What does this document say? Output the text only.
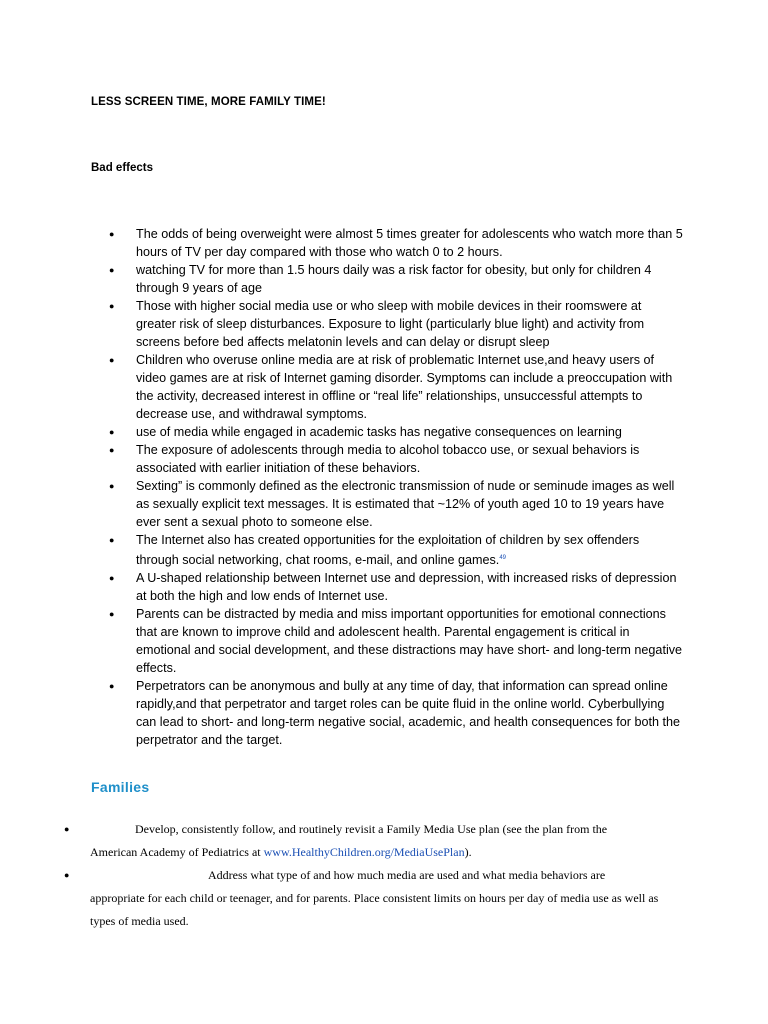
LESS SCREEN TIME, MORE FAMILY TIME!
Bad effects
● The odds of being overweight were almost 5 times greater for adolescents who watch more than 5 hours of TV per day compared with those who watch 0 to 2 hours.
● watching TV for more than 1.5 hours daily was a risk factor for obesity, but only for children 4 through 9 years of age
● Those with higher social media use or who sleep with mobile devices in their roomswere at greater risk of sleep disturbances. Exposure to light (particularly blue light) and activity from screens before bed affects melatonin levels and can delay or disrupt sleep
● Children who overuse online media are at risk of problematic Internet use,and heavy users of video games are at risk of Internet gaming disorder. Symptoms can include a preoccupation with the activity, decreased interest in offline or “real life” relationships, unsuccessful attempts to decrease use, and withdrawal symptoms.
● use of media while engaged in academic tasks has negative consequences on learning
● The exposure of adolescents through media to alcohol tobacco use, or sexual behaviors is associated with earlier initiation of these behaviors.
● Sexting” is commonly defined as the electronic transmission of nude or seminude images as well as sexually explicit text messages. It is estimated that ~12% of youth aged 10 to 19 years have ever sent a sexual photo to someone else.
● The Internet also has created opportunities for the exploitation of children by sex offenders through social networking, chat rooms, e-mail, and online games.$^{49}$
● A U-shaped relationship between Internet use and depression, with increased risks of depression at both the high and low ends of Internet use.
● Parents can be distracted by media and miss important opportunities for emotional connections that are known to improve child and adolescent health. Parental engagement is critical in emotional and social development, and these distractions may have short- and long-term negative effects.
● Perpetrators can be anonymous and bully at any time of day, that information can spread online rapidly,and that perpetrator and target roles can be quite fluid in the online world. Cyberbullying can lead to short- and long-term negative social, academic, and health consequences for both the perpetrator and the target.
Families
●	Develop, consistently follow, and routinely revisit a Family Media Use plan (see the plan from the
American Academy of Pediatrics at www.HealthyChildren.org/MediaUsePlan).
●	Address what type of and how much media are used and what media behaviors are
appropriate for each child or teenager, and for parents. Place consistent limits on hours per day of media use as well as types of media used.
